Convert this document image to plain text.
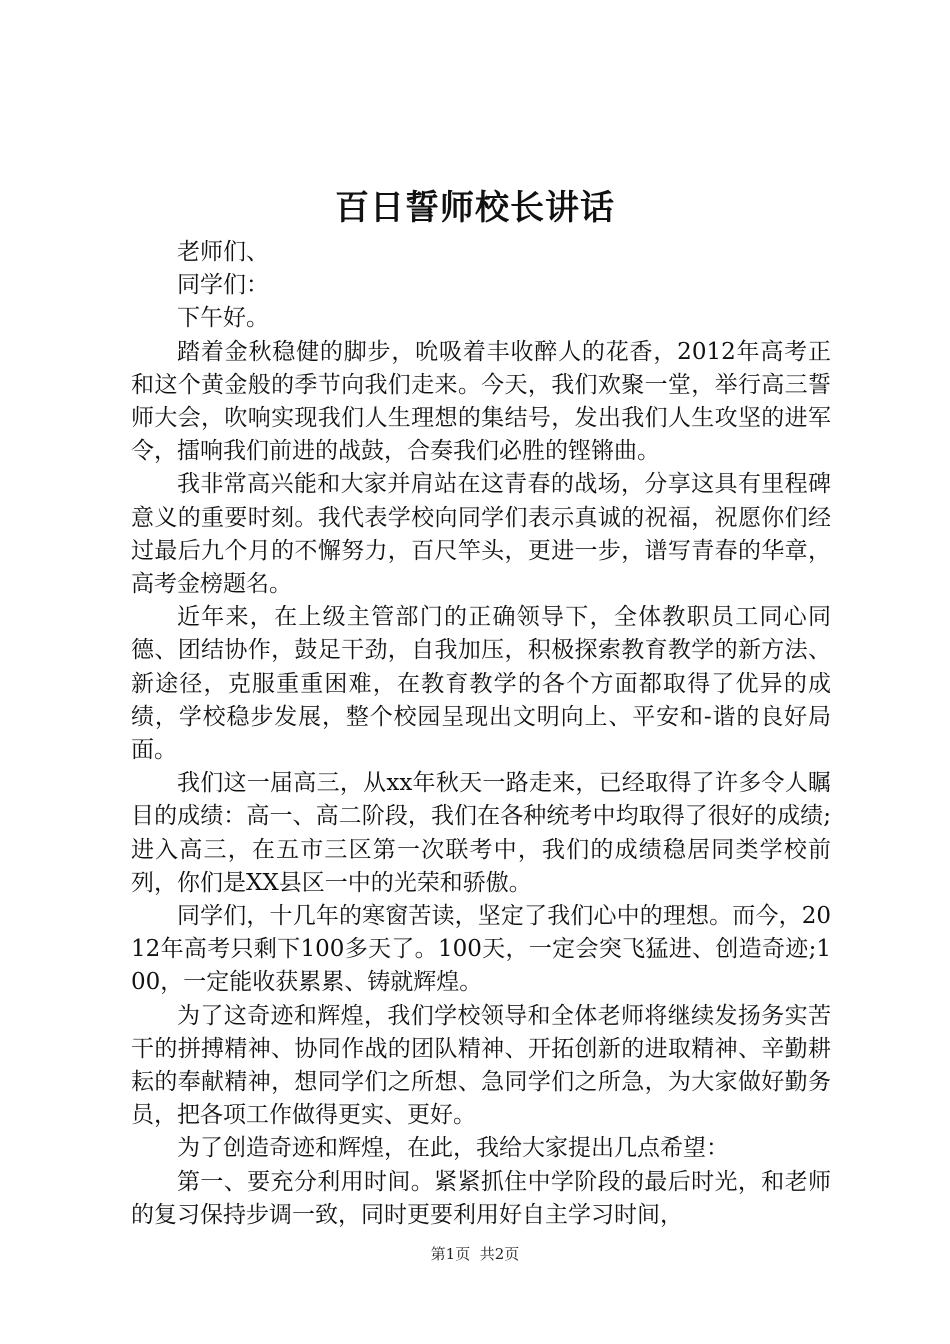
百日誓师校长讲话

老师们、

同学们：

下午好。

踏着金秋稳健的脚步，吮吸着丰收醉人的花香，2012年高考正和这个黄金般的季节向我们走来。今天，我们欢聚一堂，举行高三誓师大会，吹响实现我们人生理想的集结号，发出我们人生攻坚的进军令，擂响我们前进的战鼓，合奏我们必胜的铿锵曲。

我非常高兴能和大家并肩站在这青春的战场，分享这具有里程碑意义的重要时刻。我代表学校向同学们表示真诚的祝福，祝愿你们经过最后九个月的不懈努力，百尺竿头，更进一步，谱写青春的华章，高考金榜题名。

近年来，在上级主管部门的正确领导下，全体教职员工同心同德、团结协作，鼓足干劲，自我加压，积极探索教育教学的新方法、新途径，克服重重困难，在教育教学的各个方面都取得了优异的成绩，学校稳步发展，整个校园呈现出文明向上、平安和-谐的良好局面。

我们这一届高三，从xx年秋天一路走来，已经取得了许多令人瞩目的成绩：高一、高二阶段，我们在各种统考中均取得了很好的成绩;进入高三，在五市三区第一次联考中，我们的成绩稳居同类学校前列，你们是XX县区一中的光荣和骄傲。

同学们，十几年的寒窗苦读，坚定了我们心中的理想。而今，2012年高考只剩下100多天了。100天，一定会突飞猛进、创造奇迹;100，一定能收获累累、铸就辉煌。

为了这奇迹和辉煌，我们学校领导和全体老师将继续发扬务实苦干的拼搏精神、协同作战的团队精神、开拓创新的进取精神、辛勤耕耘的奉献精神，想同学们之所想、急同学们之所急，为大家做好勤务员，把各项工作做得更实、更好。

为了创造奇迹和辉煌，在此，我给大家提出几点希望：

第一、要充分利用时间。紧紧抓住中学阶段的最后时光，和老师的复习保持步调一致，同时更要利用好自主学习时间，

第1页 共2页
